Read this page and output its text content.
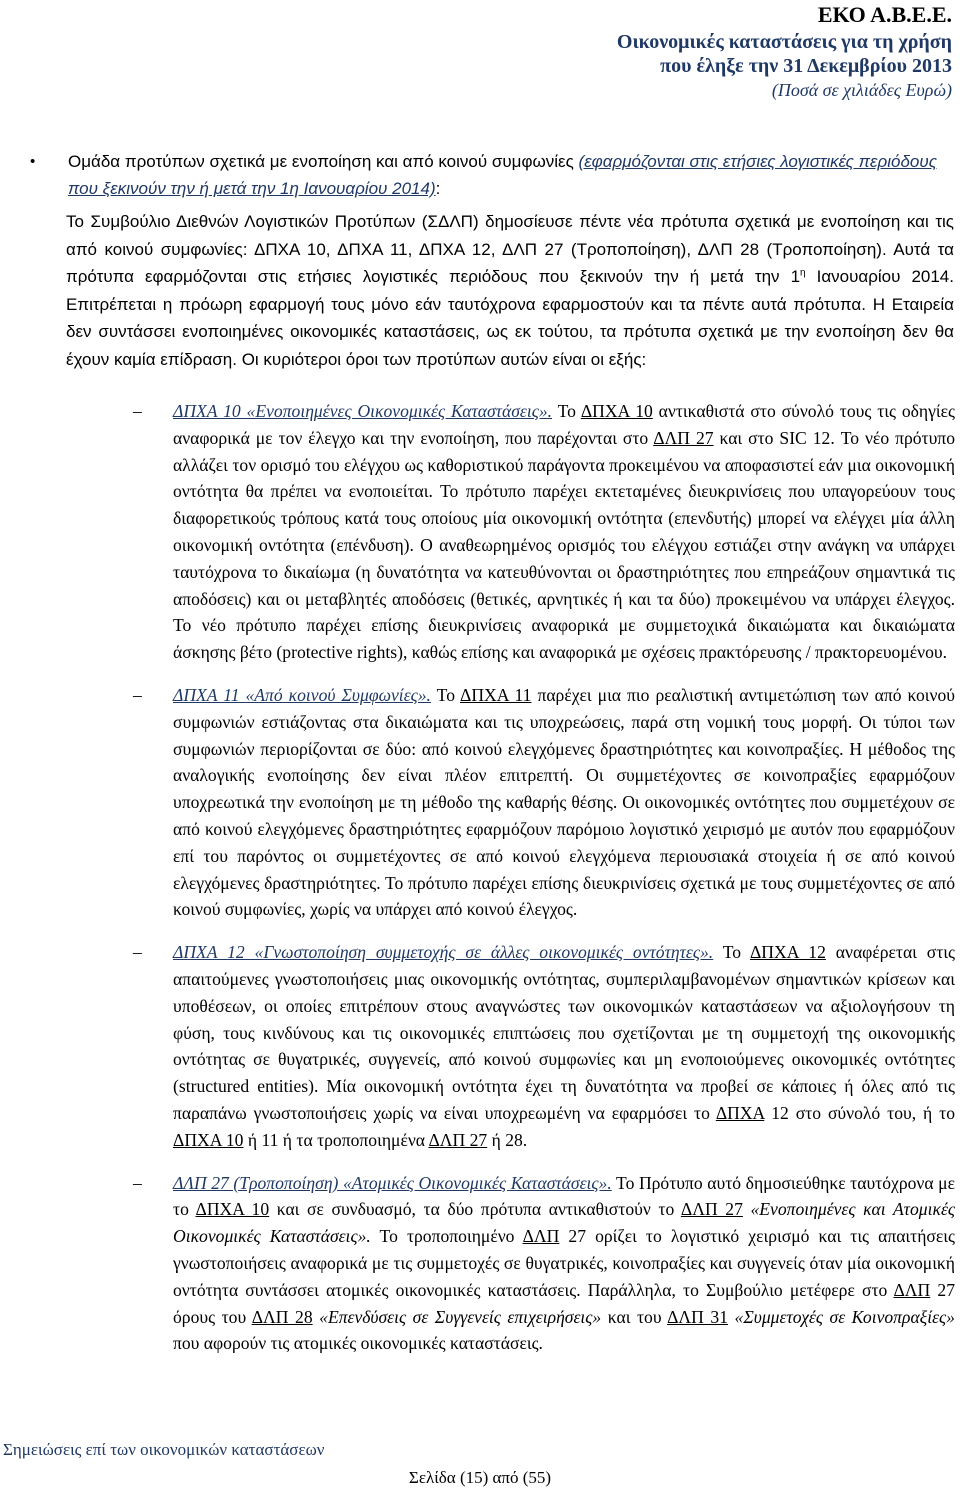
ΕΚΟ Α.Β.Ε.Ε.
Οικονομικές καταστάσεις για τη χρήση
που έληξε την 31 Δεκεμβρίου 2013
(Ποσά σε χιλιάδες Ευρώ)
• Ομάδα προτύπων σχετικά με ενοποίηση και από κοινού συμφωνίες (εφαρμόζονται στις ετήσιες λογιστικές περιόδους που ξεκινούν την ή μετά την 1η Ιανουαρίου 2014):
Το Συμβούλιο Διεθνών Λογιστικών Προτύπων (ΣΔΛΠ) δημοσίευσε πέντε νέα πρότυπα σχετικά με ενοποίηση και τις από κοινού συμφωνίες: ΔΠΧΑ 10, ΔΠΧΑ 11, ΔΠΧΑ 12, ΔΛΠ 27 (Τροποποίηση), ΔΛΠ 28 (Τροποποίηση). Αυτά τα πρότυπα εφαρμόζονται στις ετήσιες λογιστικές περιόδους που ξεκινούν την ή μετά την $1^\eta$ Ιανουαρίου 2014. Επιτρέπεται η πρόωρη εφαρμογή τους μόνο εάν ταυτόχρονα εφαρμοστούν και τα πέντε αυτά πρότυπα. Η Εταιρεία δεν συντάσσει ενοποιημένες οικονομικές καταστάσεις, ως εκ τούτου, τα πρότυπα σχετικά με την ενοποίηση δεν θα έχουν καμία επίδραση. Οι κυριότεροι όροι των προτύπων αυτών είναι οι εξής:
– ΔΠΧΑ 10 «Ενοποιημένες Οικονομικές Καταστάσεις». Το ΔΠΧΑ 10 αντικαθιστά στο σύνολό τους τις οδηγίες αναφορικά με τον έλεγχο και την ενοποίηση, που παρέχονται στο ΔΛΠ 27 και στο SIC 12. Το νέο πρότυπο αλλάζει τον ορισμό του ελέγχου ως καθοριστικού παράγοντα προκειμένου να αποφασιστεί εάν μια οικονομική οντότητα θα πρέπει να ενοποιείται. Το πρότυπο παρέχει εκτεταμένες διευκρινίσεις που υπαγορεύουν τους διαφορετικούς τρόπους κατά τους οποίους μία οικονομική οντότητα (επενδυτής) μπορεί να ελέγχει μία άλλη οικονομική οντότητα (επένδυση). Ο αναθεωρημένος ορισμός του ελέγχου εστιάζει στην ανάγκη να υπάρχει ταυτόχρονα το δικαίωμα (η δυνατότητα να κατευθύνονται οι δραστηριότητες που επηρεάζουν σημαντικά τις αποδόσεις) και οι μεταβλητές αποδόσεις (θετικές, αρνητικές ή και τα δύο) προκειμένου να υπάρχει έλεγχος. Το νέο πρότυπο παρέχει επίσης διευκρινίσεις αναφορικά με συμμετοχικά δικαιώματα και δικαιώματα άσκησης βέτο (protective rights), καθώς επίσης και αναφορικά με σχέσεις πρακτόρευσης / πρακτορευομένου.
– ΔΠΧΑ 11 «Από κοινού Συμφωνίες». Το ΔΠΧΑ 11 παρέχει μια πιο ρεαλιστική αντιμετώπιση των από κοινού συμφωνιών εστιάζοντας στα δικαιώματα και τις υποχρεώσεις, παρά στη νομική τους μορφή. Οι τύποι των συμφωνιών περιορίζονται σε δύο: από κοινού ελεγχόμενες δραστηριότητες και κοινοπραξίες. Η μέθοδος της αναλογικής ενοποίησης δεν είναι πλέον επιτρεπτή. Οι συμμετέχοντες σε κοινοπραξίες εφαρμόζουν υποχρεωτικά την ενοποίηση με τη μέθοδο της καθαρής θέσης. Οι οικονομικές οντότητες που συμμετέχουν σε από κοινού ελεγχόμενες δραστηριότητες εφαρμόζουν παρόμοιο λογιστικό χειρισμό με αυτόν που εφαρμόζουν επί του παρόντος οι συμμετέχοντες σε από κοινού ελεγχόμενα περιουσιακά στοιχεία ή σε από κοινού ελεγχόμενες δραστηριότητες. Το πρότυπο παρέχει επίσης διευκρινίσεις σχετικά με τους συμμετέχοντες σε από κοινού συμφωνίες, χωρίς να υπάρχει από κοινού έλεγχος.
– ΔΠΧΑ 12 «Γνωστοποίηση συμμετοχής σε άλλες οικονομικές οντότητες». Το ΔΠΧΑ 12 αναφέρεται στις απαιτούμενες γνωστοποιήσεις μιας οικονομικής οντότητας, συμπεριλαμβανομένων σημαντικών κρίσεων και υποθέσεων, οι οποίες επιτρέπουν στους αναγνώστες των οικονομικών καταστάσεων να αξιολογήσουν τη φύση, τους κινδύνους και τις οικονομικές επιπτώσεις που σχετίζονται με τη συμμετοχή της οικονομικής οντότητας σε θυγατρικές, συγγενείς, από κοινού συμφωνίες και μη ενοποιούμενες οικονομικές οντότητες (structured entities). Μία οικονομική οντότητα έχει τη δυνατότητα να προβεί σε κάποιες ή όλες από τις παραπάνω γνωστοποιήσεις χωρίς να είναι υποχρεωμένη να εφαρμόσει το ΔΠΧΑ 12 στο σύνολό του, ή το ΔΠΧΑ 10 ή 11 ή τα τροποποιημένα ΔΛΠ 27 ή 28.
– ΔΛΠ 27 (Τροποποίηση) «Ατομικές Οικονομικές Καταστάσεις». Το Πρότυπο αυτό δημοσιεύθηκε ταυτόχρονα με το ΔΠΧΑ 10 και σε συνδυασμό, τα δύο πρότυπα αντικαθιστούν το ΔΛΠ 27 «Ενοποιημένες και Ατομικές Οικονομικές Καταστάσεις». Το τροποποιημένο ΔΛΠ 27 ορίζει το λογιστικό χειρισμό και τις απαιτήσεις γνωστοποιήσεις αναφορικά με τις συμμετοχές σε θυγατρικές, κοινοπραξίες και συγγενείς όταν μία οικονομική οντότητα συντάσσει ατομικές οικονομικές καταστάσεις. Παράλληλα, το Συμβούλιο μετέφερε στο ΔΛΠ 27 όρους του ΔΛΠ 28 «Επενδύσεις σε Συγγενείς επιχειρήσεις» και του ΔΛΠ 31 «Συμμετοχές σε Κοινοπραξίες» που αφορούν τις ατομικές οικονομικές καταστάσεις.
Σημειώσεις επί των οικονομικών καταστάσεων
Σελίδα (15) από (55)
